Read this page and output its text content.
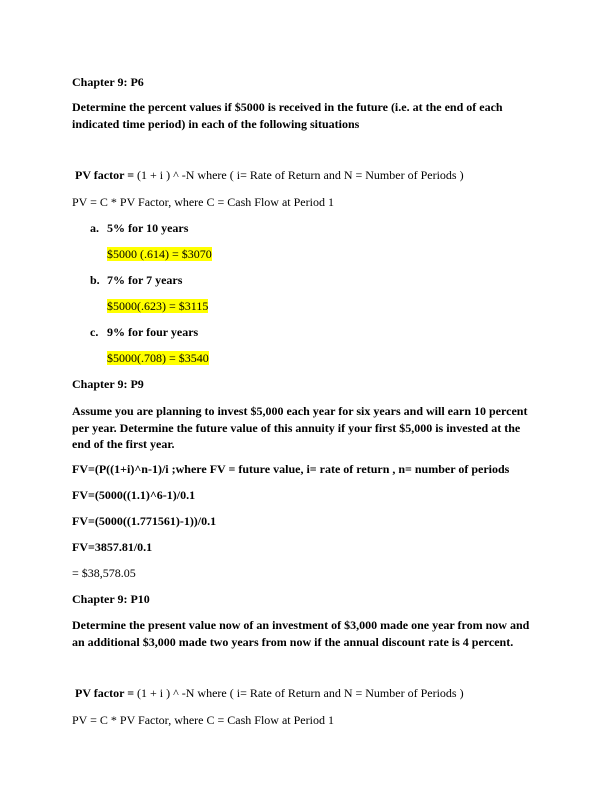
Chapter 9: P6
Determine the percent values if $5000 is received in the future (i.e. at the end of each
indicated time period) in each of the following situations
PV factor = (1 + i ) ^ -N where ( i= Rate of Return and N = Number of Periods )
PV = C * PV Factor, where C = Cash Flow at Period 1
a. 5% for 10 years
$5000 (.614) = $3070
b. 7% for 7 years
$5000(.623) = $3115
c. 9% for four years
$5000(.708) = $3540
Chapter 9: P9
Assume you are planning to invest $5,000 each year for six years and will earn 10 percent
per year. Determine the future value of this annuity if your first $5,000 is invested at the
end of the first year.
FV=(P((1+i)^n-1)/i ;where FV = future value, i= rate of return , n= number of periods
FV=(5000((1.1)^6-1)/0.1
FV=(5000((1.771561)-1))/0.1
FV=3857.81/0.1
= $38,578.05
Chapter 9: P10
Determine the present value now of an investment of $3,000 made one year from now and
an additional $3,000 made two years from now if the annual discount rate is 4 percent.
PV factor = (1 + i ) ^ -N where ( i= Rate of Return and N = Number of Periods )
PV = C * PV Factor, where C = Cash Flow at Period 1
